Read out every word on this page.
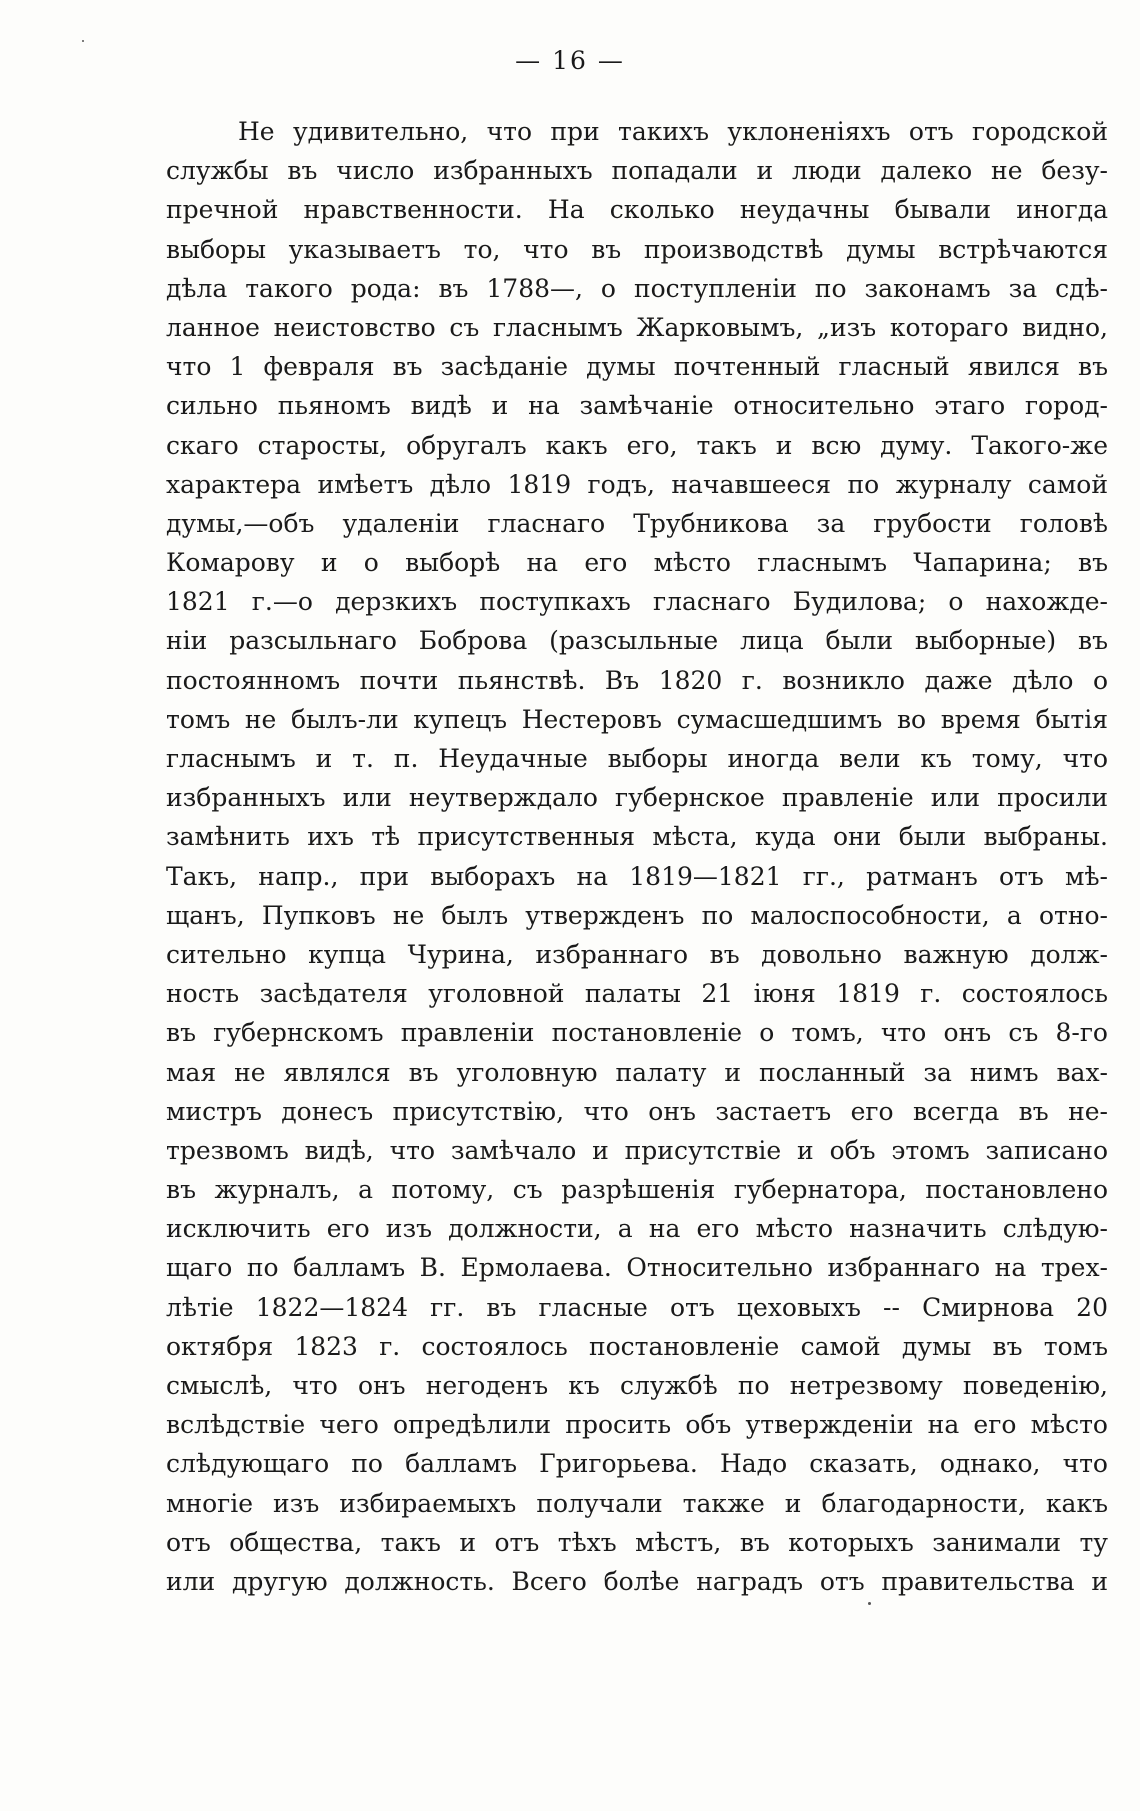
— 16 —
Не удивительно, что при такихъ уклоненіяхъ отъ городской
службы въ число избранныхъ попадали и люди далеко не безу-
пречной нравственности. На сколько неудачны бывали иногда
выборы указываетъ то, что въ производствѣ думы встрѣчаются
дѣла такого рода: въ 1788—, о поступленіи по законамъ за сдѣ-
ланное неистовство съ гласнымъ Жарковымъ, „изъ котораго видно,
что 1 февраля въ засѣданіе думы почтенный гласный явился въ
сильно пьяномъ видѣ и на замѣчаніе относительно этаго город-
скаго старосты, обругалъ какъ его, такъ и всю думу. Такого-же
характера имѣетъ дѣло 1819 годъ, начавшееся по журналу самой
думы,—объ удаленіи гласнаго Трубникова за грубости головѣ
Комарову и о выборѣ на его мѣсто гласнымъ Чапарина; въ
1821 г.—о дерзкихъ поступкахъ гласнаго Будилова; о нахожде-
ніи разсыльнаго Боброва (разсыльные лица были выборные) въ
постоянномъ почти пьянствѣ. Въ 1820 г. возникло даже дѣло о
томъ не былъ-ли купецъ Нестеровъ сумасшедшимъ во время бытія
гласнымъ и т. п. Неудачные выборы иногда вели къ тому, что
избранныхъ или неутверждало губернское правленіе или просили
замѣнить ихъ тѣ присутственныя мѣста, куда они были выбраны.
Такъ, напр., при выборахъ на 1819—1821 гг., ратманъ отъ мѣ-
щанъ, Пупковъ не былъ утвержденъ по малоспособности, а отно-
сительно купца Чурина, избраннаго въ довольно важную долж-
ность засѣдателя уголовной палаты 21 іюня 1819 г. состоялось
въ губернскомъ правленіи постановленіе о томъ, что онъ съ 8-го
мая не являлся въ уголовную палату и посланный за нимъ вах-
мистръ донесъ присутствію, что онъ застаетъ его всегда въ не-
трезвомъ видѣ, что замѣчало и присутствіе и объ этомъ записано
въ журналъ, а потому, съ разрѣшенія губернатора, постановлено
исключить его изъ должности, а на его мѣсто назначить слѣдую-
щаго по балламъ В. Ермолаева. Относительно избраннаго на трех-
лѣтіе 1822—1824 гг. въ гласные отъ цеховыхъ -- Смирнова 20
октября 1823 г. состоялось постановленіе самой думы въ томъ
смыслѣ, что онъ негоденъ къ службѣ по нетрезвому поведенію,
вслѣдствіе чего опредѣлили просить объ утвержденіи на его мѣсто
слѣдующаго по балламъ Григорьева. Надо сказать, однако, что
многіе изъ избираемыхъ получали также и благодарности, какъ
отъ общества, такъ и отъ тѣхъ мѣстъ, въ которыхъ занимали ту
или другую должность. Всего болѣе наградъ отъ правительства и
